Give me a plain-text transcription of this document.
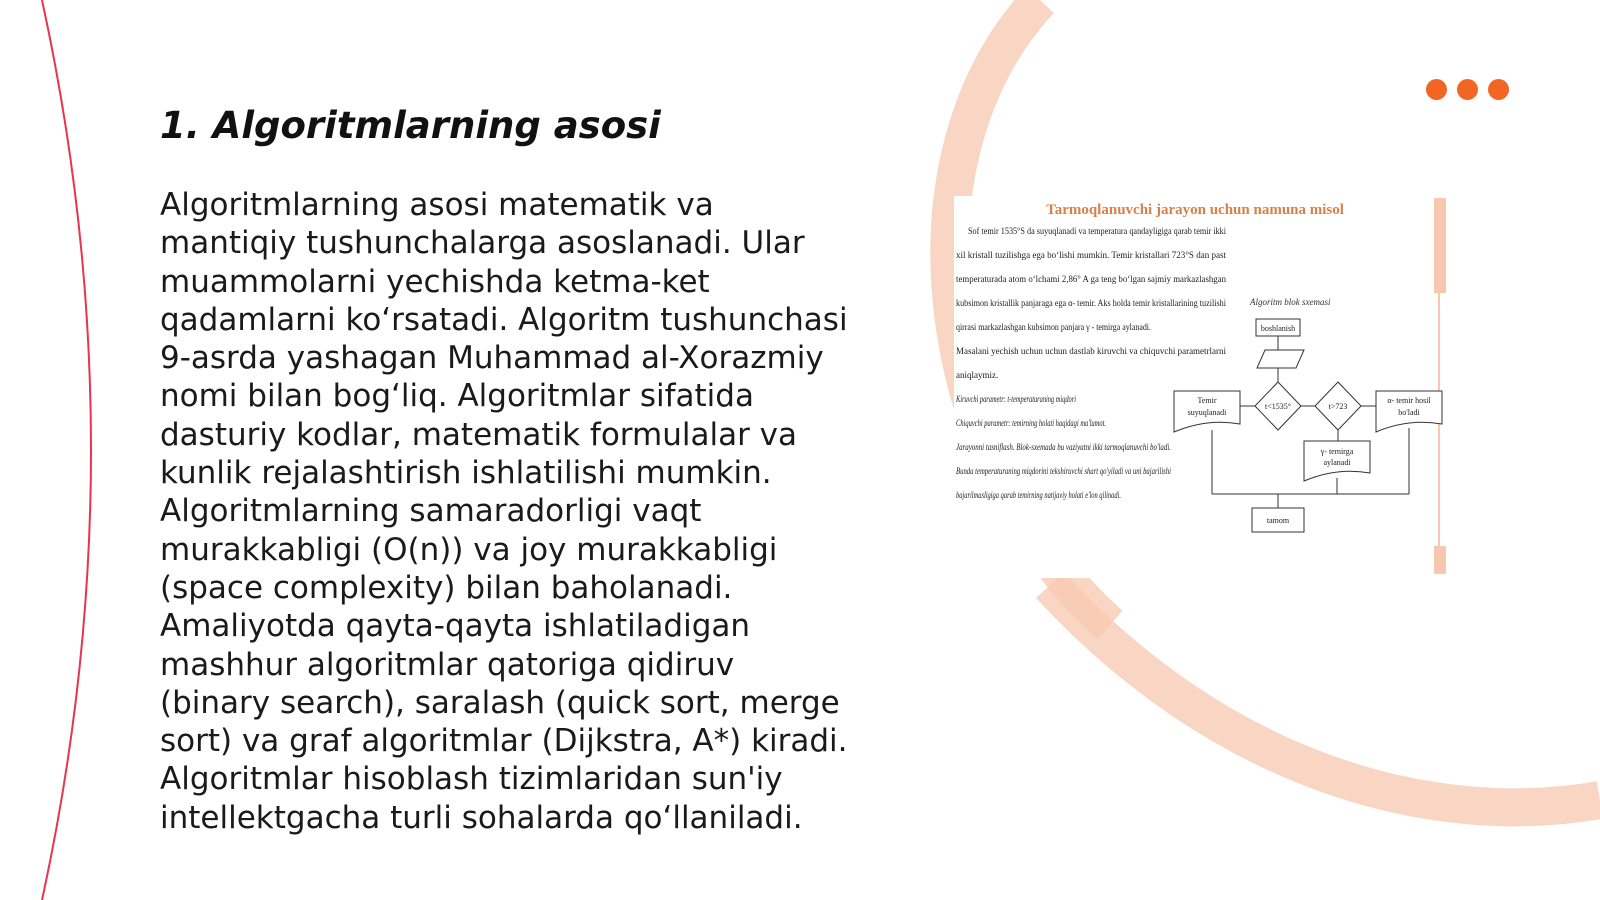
1. Algoritmlarning asosi

Algoritmlarning asosi matematik va mantiqiy tushunchalarga asoslanadi. Ular muammolarni yechishda ketma-ket qadamlarni koʻrsatadi. Algoritm tushunchasi 9-asrda yashagan Muhammad al-Xorazmiy nomi bilan bogʻliq. Algoritmlar sifatida dasturiy kodlar, matematik formulalar va kunlik rejalashtirish ishlatilishi mumkin. Algoritmlarning samaradorligi vaqt murakkabligi (O(n)) va joy murakkabligi (space complexity) bilan baholanadi. Amaliyotda qayta-qayta ishlatiladigan mashhur algoritmlar qatoriga qidiruv (binary search), saralash (quick sort, merge sort) va graf algoritmlar (Dijkstra, A*) kiradi. Algoritmlar hisoblash tizimlaridan sun'iy intellektgacha turli sohalarda qoʻllaniladi.

Tarmoqlanuvchi jarayon uchun namuna misol
Sof temir 1535°S da suyuqlanadi va temperatura qandayligiga qarab temir ikki
xil kristall tuzilishga ega boʻlishi mumkin. Temir kristallari 723°S dan past
temperaturada atom oʻlchami 2,86° A ga teng boʻlgan sajmiy markazlashgan
kubsimon kristallik panjaraga ega α- temir. Aks holda temir kristallarining tuzilishi
qirrasi markazlashgan kubsimon panjara γ - temirga aylanadi.
Masalani yechish uchun uchun dastlab kiruvchi va chiquvchi parametrlarni
aniqlaymiz.
Kiruvchi parametr: t-temperaturaning miqdori
Chiquvchi parametr: temirning holati haqidagi ma'lumot.
Jarayonni tasniflash. Blok-sxemada bu vaziyatni ikki tarmoqlanuvchi bo'ladi.
Bunda temperaturaning miqdorini tekshiruvchi shart qo'yiladi va uni bajarilishi
bajarilmasligiga qarab temirning natijaviy holati e'lon qilinadi.
Algoritm blok sxemasi
boshlanish
t<1535°	t>723
Temir
suyuqlanadi
α- temir hosil
bo'ladi
γ- temirga
aylanadi
tamom
